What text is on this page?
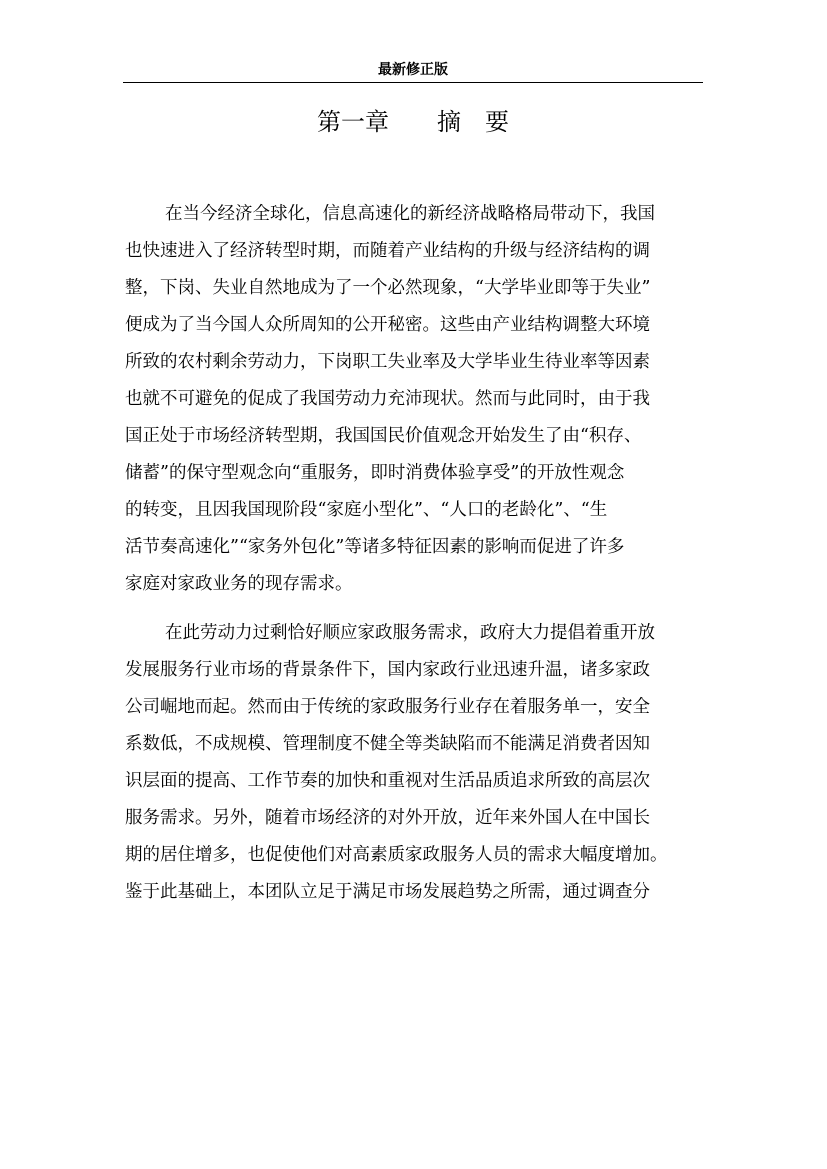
最新修正版
第一章　　摘　要
在当今经济全球化，信息高速化的新经济战略格局带动下，我国
也快速进入了经济转型时期，而随着产业结构的升级与经济结构的调
整，下岗、失业自然地成为了一个必然现象，“大学毕业即等于失业”
便成为了当今国人众所周知的公开秘密。这些由产业结构调整大环境
所致的农村剩余劳动力，下岗职工失业率及大学毕业生待业率等因素
也就不可避免的促成了我国劳动力充沛现状。然而与此同时，由于我
国正处于市场经济转型期，我国国民价值观念开始发生了由“积存、
储蓄”的保守型观念向“重服务，即时消费体验享受”的开放性观念
的转变，且因我国现阶段“家庭小型化”、“人口的老龄化”、“生
活节奏高速化”“家务外包化”等诸多特征因素的影响而促进了许多
家庭对家政业务的现存需求。
在此劳动力过剩恰好顺应家政服务需求，政府大力提倡着重开放
发展服务行业市场的背景条件下，国内家政行业迅速升温，诸多家政
公司崛地而起。然而由于传统的家政服务行业存在着服务单一，安全
系数低，不成规模、管理制度不健全等类缺陷而不能满足消费者因知
识层面的提高、工作节奏的加快和重视对生活品质追求所致的高层次
服务需求。另外，随着市场经济的对外开放，近年来外国人在中国长
期的居住增多，也促使他们对高素质家政服务人员的需求大幅度增加。
鉴于此基础上，本团队立足于满足市场发展趋势之所需，通过调查分
